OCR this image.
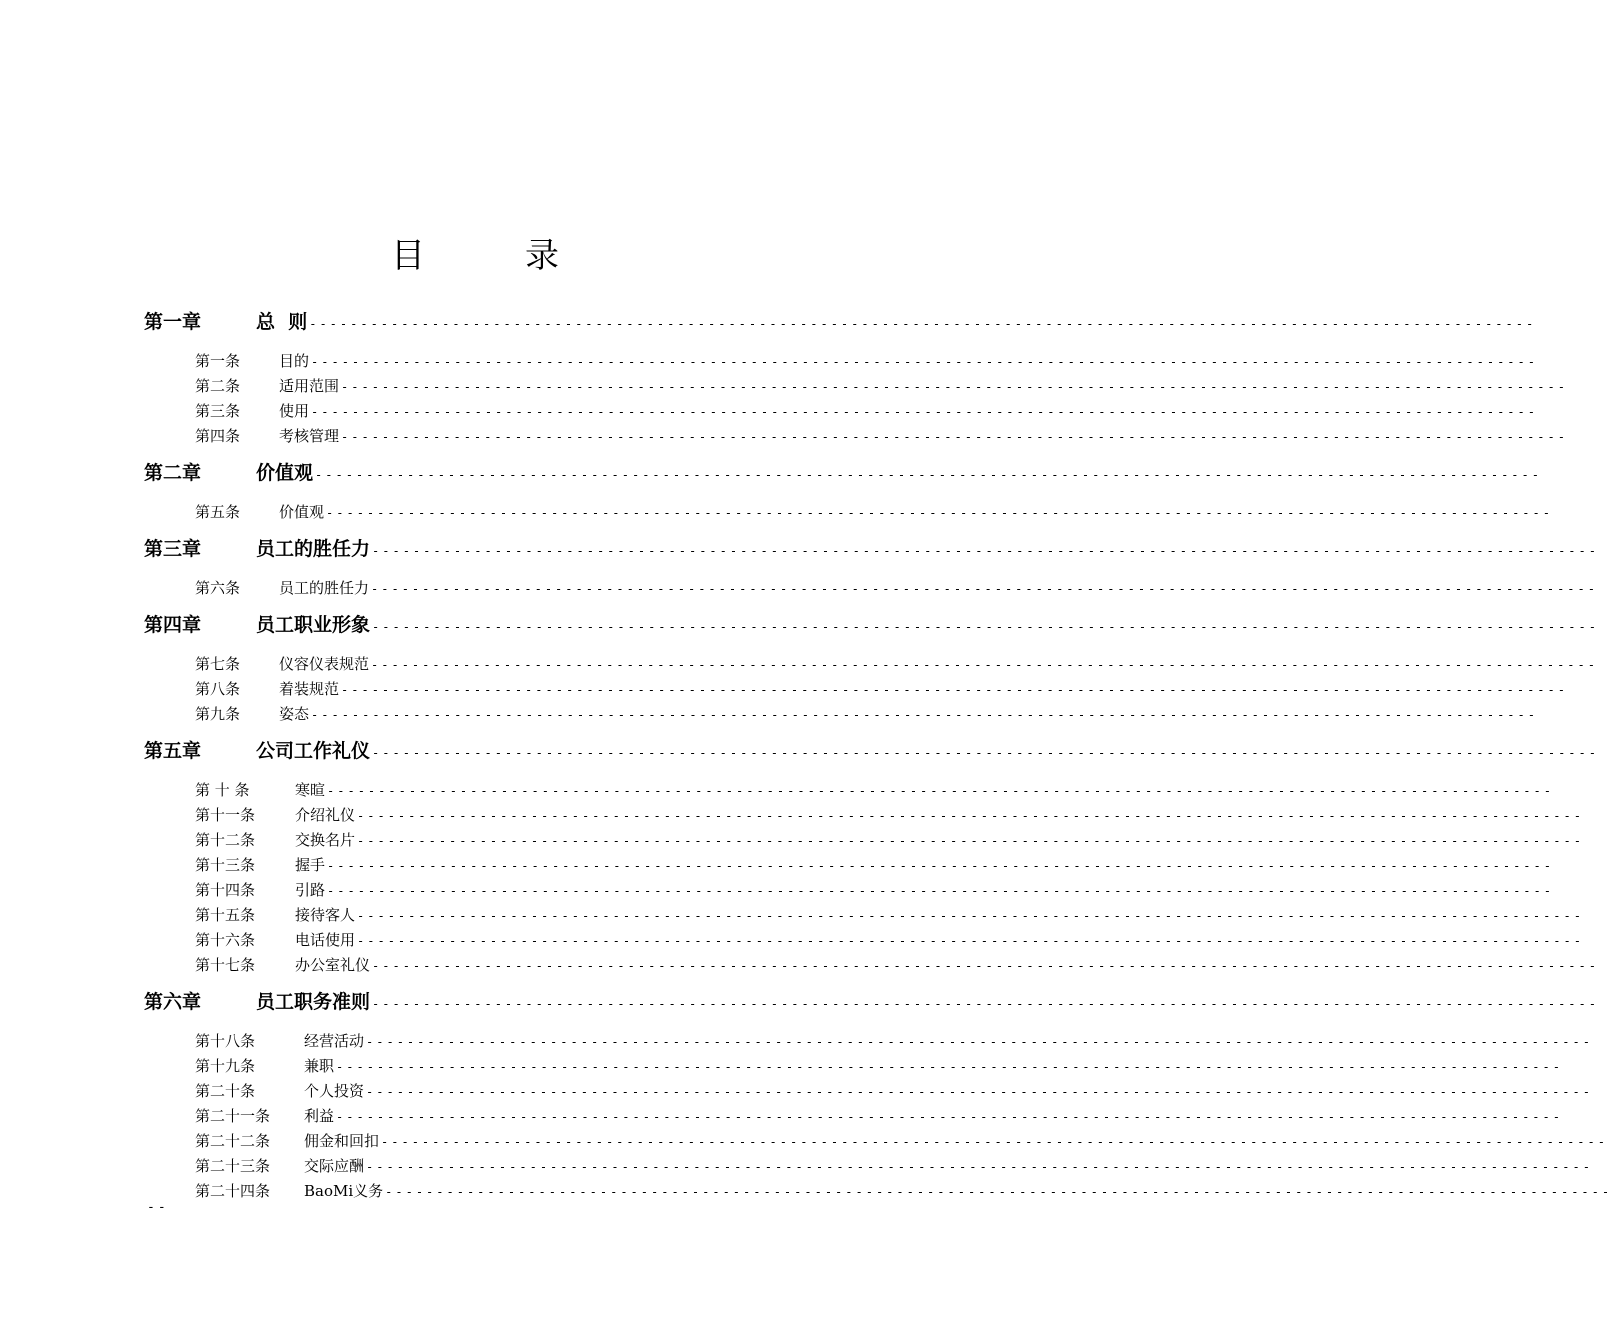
目	录
第一章	总  则 ------------------------------------------------------------------------------------------------------------------------
第一条	目的 ------------------------------------------------------------------------------------------------------------------------
第二条	适用范围 ------------------------------------------------------------------------------------------------------------------------
第三条	使用 ------------------------------------------------------------------------------------------------------------------------
第四条	考核管理 ------------------------------------------------------------------------------------------------------------------------
第二章	价值观 ------------------------------------------------------------------------------------------------------------------------
第五条	价值观 ------------------------------------------------------------------------------------------------------------------------
第三章	员工的胜任力 ------------------------------------------------------------------------------------------------------------------------
第六条	员工的胜任力 ------------------------------------------------------------------------------------------------------------------------
第四章	员工职业形象 ------------------------------------------------------------------------------------------------------------------------
第七条	仪容仪表规范 ------------------------------------------------------------------------------------------------------------------------
第八条	着装规范 ------------------------------------------------------------------------------------------------------------------------
第九条	姿态 ------------------------------------------------------------------------------------------------------------------------
第五章	公司工作礼仪 ------------------------------------------------------------------------------------------------------------------------
第 十 条	寒暄 ------------------------------------------------------------------------------------------------------------------------
第十一条	介绍礼仪 ------------------------------------------------------------------------------------------------------------------------
第十二条	交换名片 ------------------------------------------------------------------------------------------------------------------------
第十三条	握手 ------------------------------------------------------------------------------------------------------------------------
第十四条	引路 ------------------------------------------------------------------------------------------------------------------------
第十五条	接待客人 ------------------------------------------------------------------------------------------------------------------------
第十六条	电话使用 ------------------------------------------------------------------------------------------------------------------------
第十七条	办公室礼仪 ------------------------------------------------------------------------------------------------------------------------
第六章	员工职务准则 ------------------------------------------------------------------------------------------------------------------------
第十八条	经营活动 ------------------------------------------------------------------------------------------------------------------------
第十九条	兼职 ------------------------------------------------------------------------------------------------------------------------
第二十条	个人投资 ------------------------------------------------------------------------------------------------------------------------
第二十一条	利益 ------------------------------------------------------------------------------------------------------------------------
第二十二条	佣金和回扣 ------------------------------------------------------------------------------------------------------------------------
第二十三条	交际应酬 ------------------------------------------------------------------------------------------------------------------------
第二十四条	BaoMi义务 ------------------------------------------------------------------------------------------------------------------------
--
